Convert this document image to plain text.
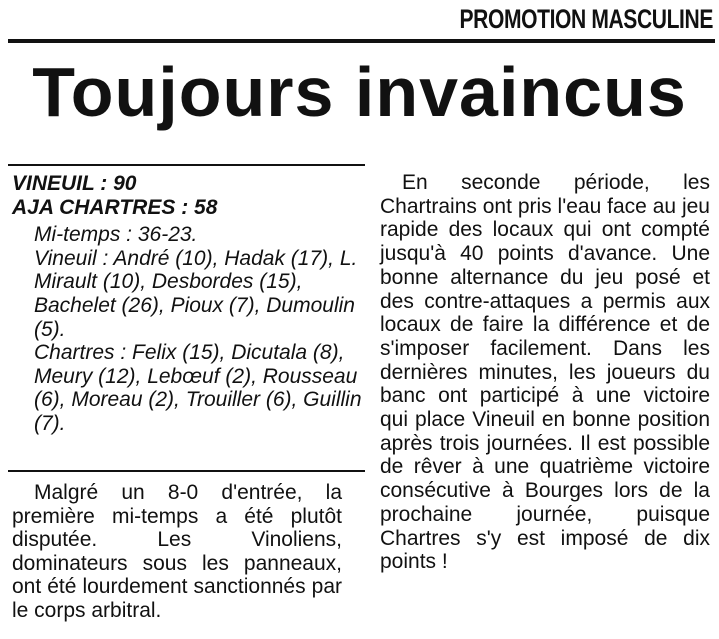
PROMOTION MASCULINE
Toujours invaincus

VINEUIL : 90

AJA CHARTRES : 58

Mi-temps : 36-23.

Vineuil : André (10), Hadak (17), L. Mirault (10), Desbordes (15), Bachelet (26), Pioux (7), Dumoulin (5).

Chartres : Felix (15), Dicutala (8), Meury (12), Lebœuf (2), Rousseau (6), Moreau (2), Trouiller (6), Guillin (7).

Malgré un 8-0 d'entrée, la première mi-temps a été plutôt disputée. Les Vinoliens, dominateurs sous les panneaux, ont été lourdement sanctionnés par le corps arbitral.

En seconde période, les Chartrains ont pris l'eau face au jeu rapide des locaux qui ont compté jusqu'à 40 points d'avance. Une bonne alternance du jeu posé et des contre-attaques a permis aux locaux de faire la différence et de s'imposer facilement. Dans les dernières minutes, les joueurs du banc ont participé à une victoire qui place Vineuil en bonne position après trois journées. Il est possible de rêver à une quatrième victoire consécutive à Bourges lors de la prochaine journée, puisque Chartres s'y est imposé de dix points !
